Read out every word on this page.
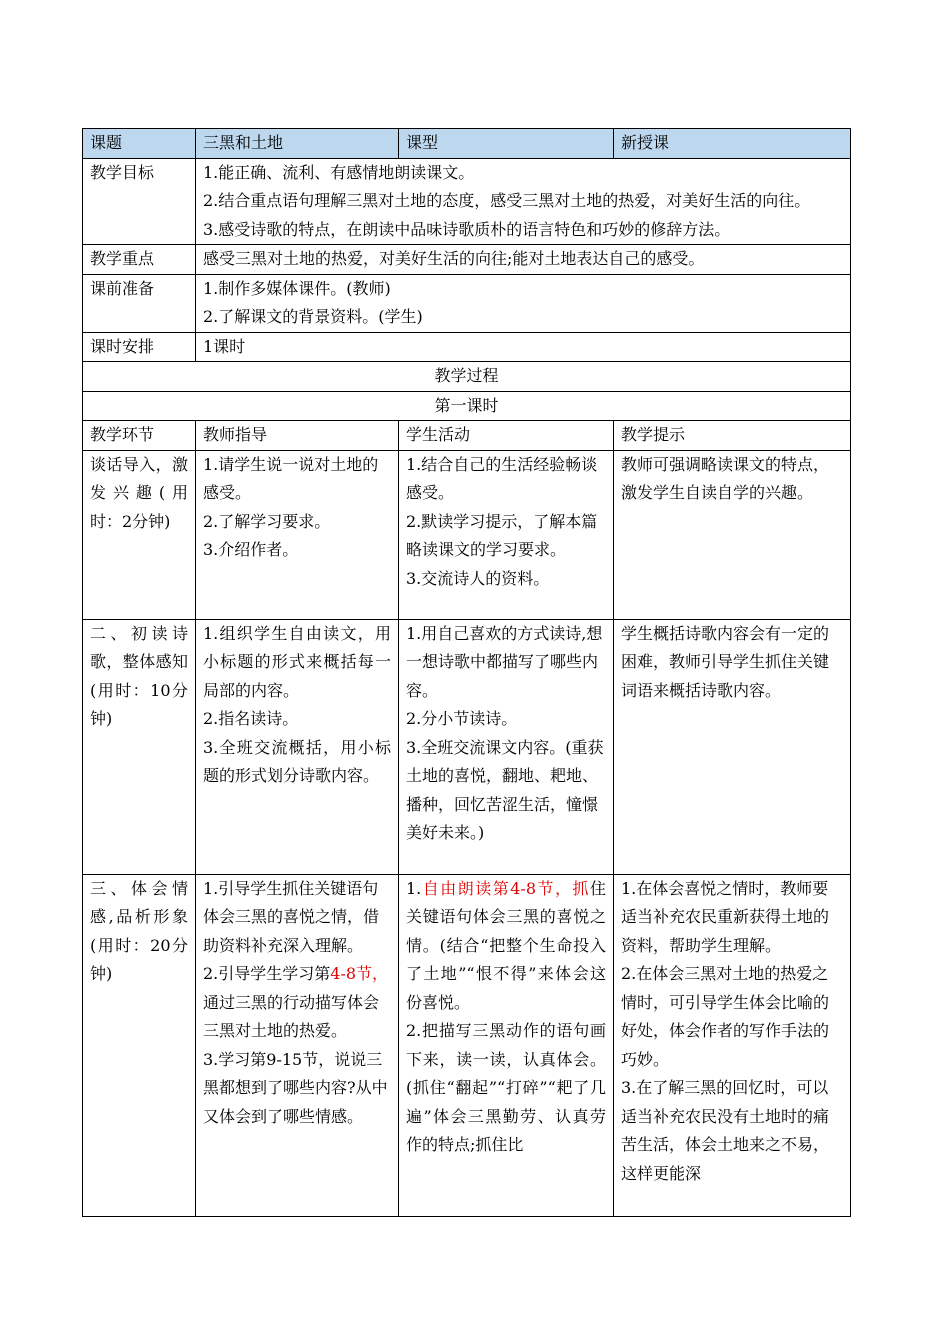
课题	三黑和土地	课型	新授课
教学目标	1.能正确、流利、有感情地朗读课文。
2.结合重点语句理解三黑对土地的态度，感受三黑对土地的热爱，对美好生活的向往。
3.感受诗歌的特点，在朗读中品味诗歌质朴的语言特色和巧妙的修辞方法。		

教学重点	感受三黑对土地的热爱，对美好生活的向往;能对土地表达自己的感受。		
课前准备	1.制作多媒体课件。(教师)
2.了解课文的背景资料。(学生)		

课时安排	1课时		
教学过程			
第一课时			
教学环节	教师指导	学生活动	教学提示
谈话导入，激发兴趣(用时：2分钟)	1.请学生说一说对土地的感受。
2.了解学习要求。
3.介绍作者。	1.结合自己的生活经验畅谈感受。
2.默读学习提示，了解本篇略读课文的学习要求。
3.交流诗人的资料。	教师可强调略读课文的特点，激发学生自读自学的兴趣。

二、初读诗歌，整体感知(用时：10分钟)	1.组织学生自由读文，用小标题的形式来概括每一局部的内容。
2.指名读诗。
3.全班交流概括，用小标题的形式划分诗歌内容。	1.用自己喜欢的方式读诗,想一想诗歌中都描写了哪些内容。
2.分小节读诗。
3.全班交流课文内容。(重获土地的喜悦，翻地、耙地、播种，回忆苦涩生活，憧憬美好未来。)	学生概括诗歌内容会有一定的困难，教师引导学生抓住关键词语来概括诗歌内容。

三、体会情感,品析形象(用时：20分钟)	1.引导学生抓住关键语句体会三黑的喜悦之情，借助资料补充深入理解。
2.引导学生学习第4-8节，通过三黑的行动描写体会三黑对土地的热爱。
3.学习第9-15节，说说三黑都想到了哪些内容?从中又体会到了哪些情感。	1.自由朗读第4-8节，抓住关键语句体会三黑的喜悦之情。(结合“把整个生命投入了土地”“恨不得”来体会这份喜悦。
2.把描写三黑动作的语句画下来，读一读，认真体会。(抓住“翻起”“打碎”“耙了几遍”体会三黑勤劳、认真劳作的特点;抓住比	1.在体会喜悦之情时，教师要适当补充农民重新获得土地的资料，帮助学生理解。
2.在体会三黑对土地的热爱之情时，可引导学生体会比喻的好处，体会作者的写作手法的巧妙。
3.在了解三黑的回忆时，可以适当补充农民没有土地时的痛苦生活，体会土地来之不易，这样更能深
